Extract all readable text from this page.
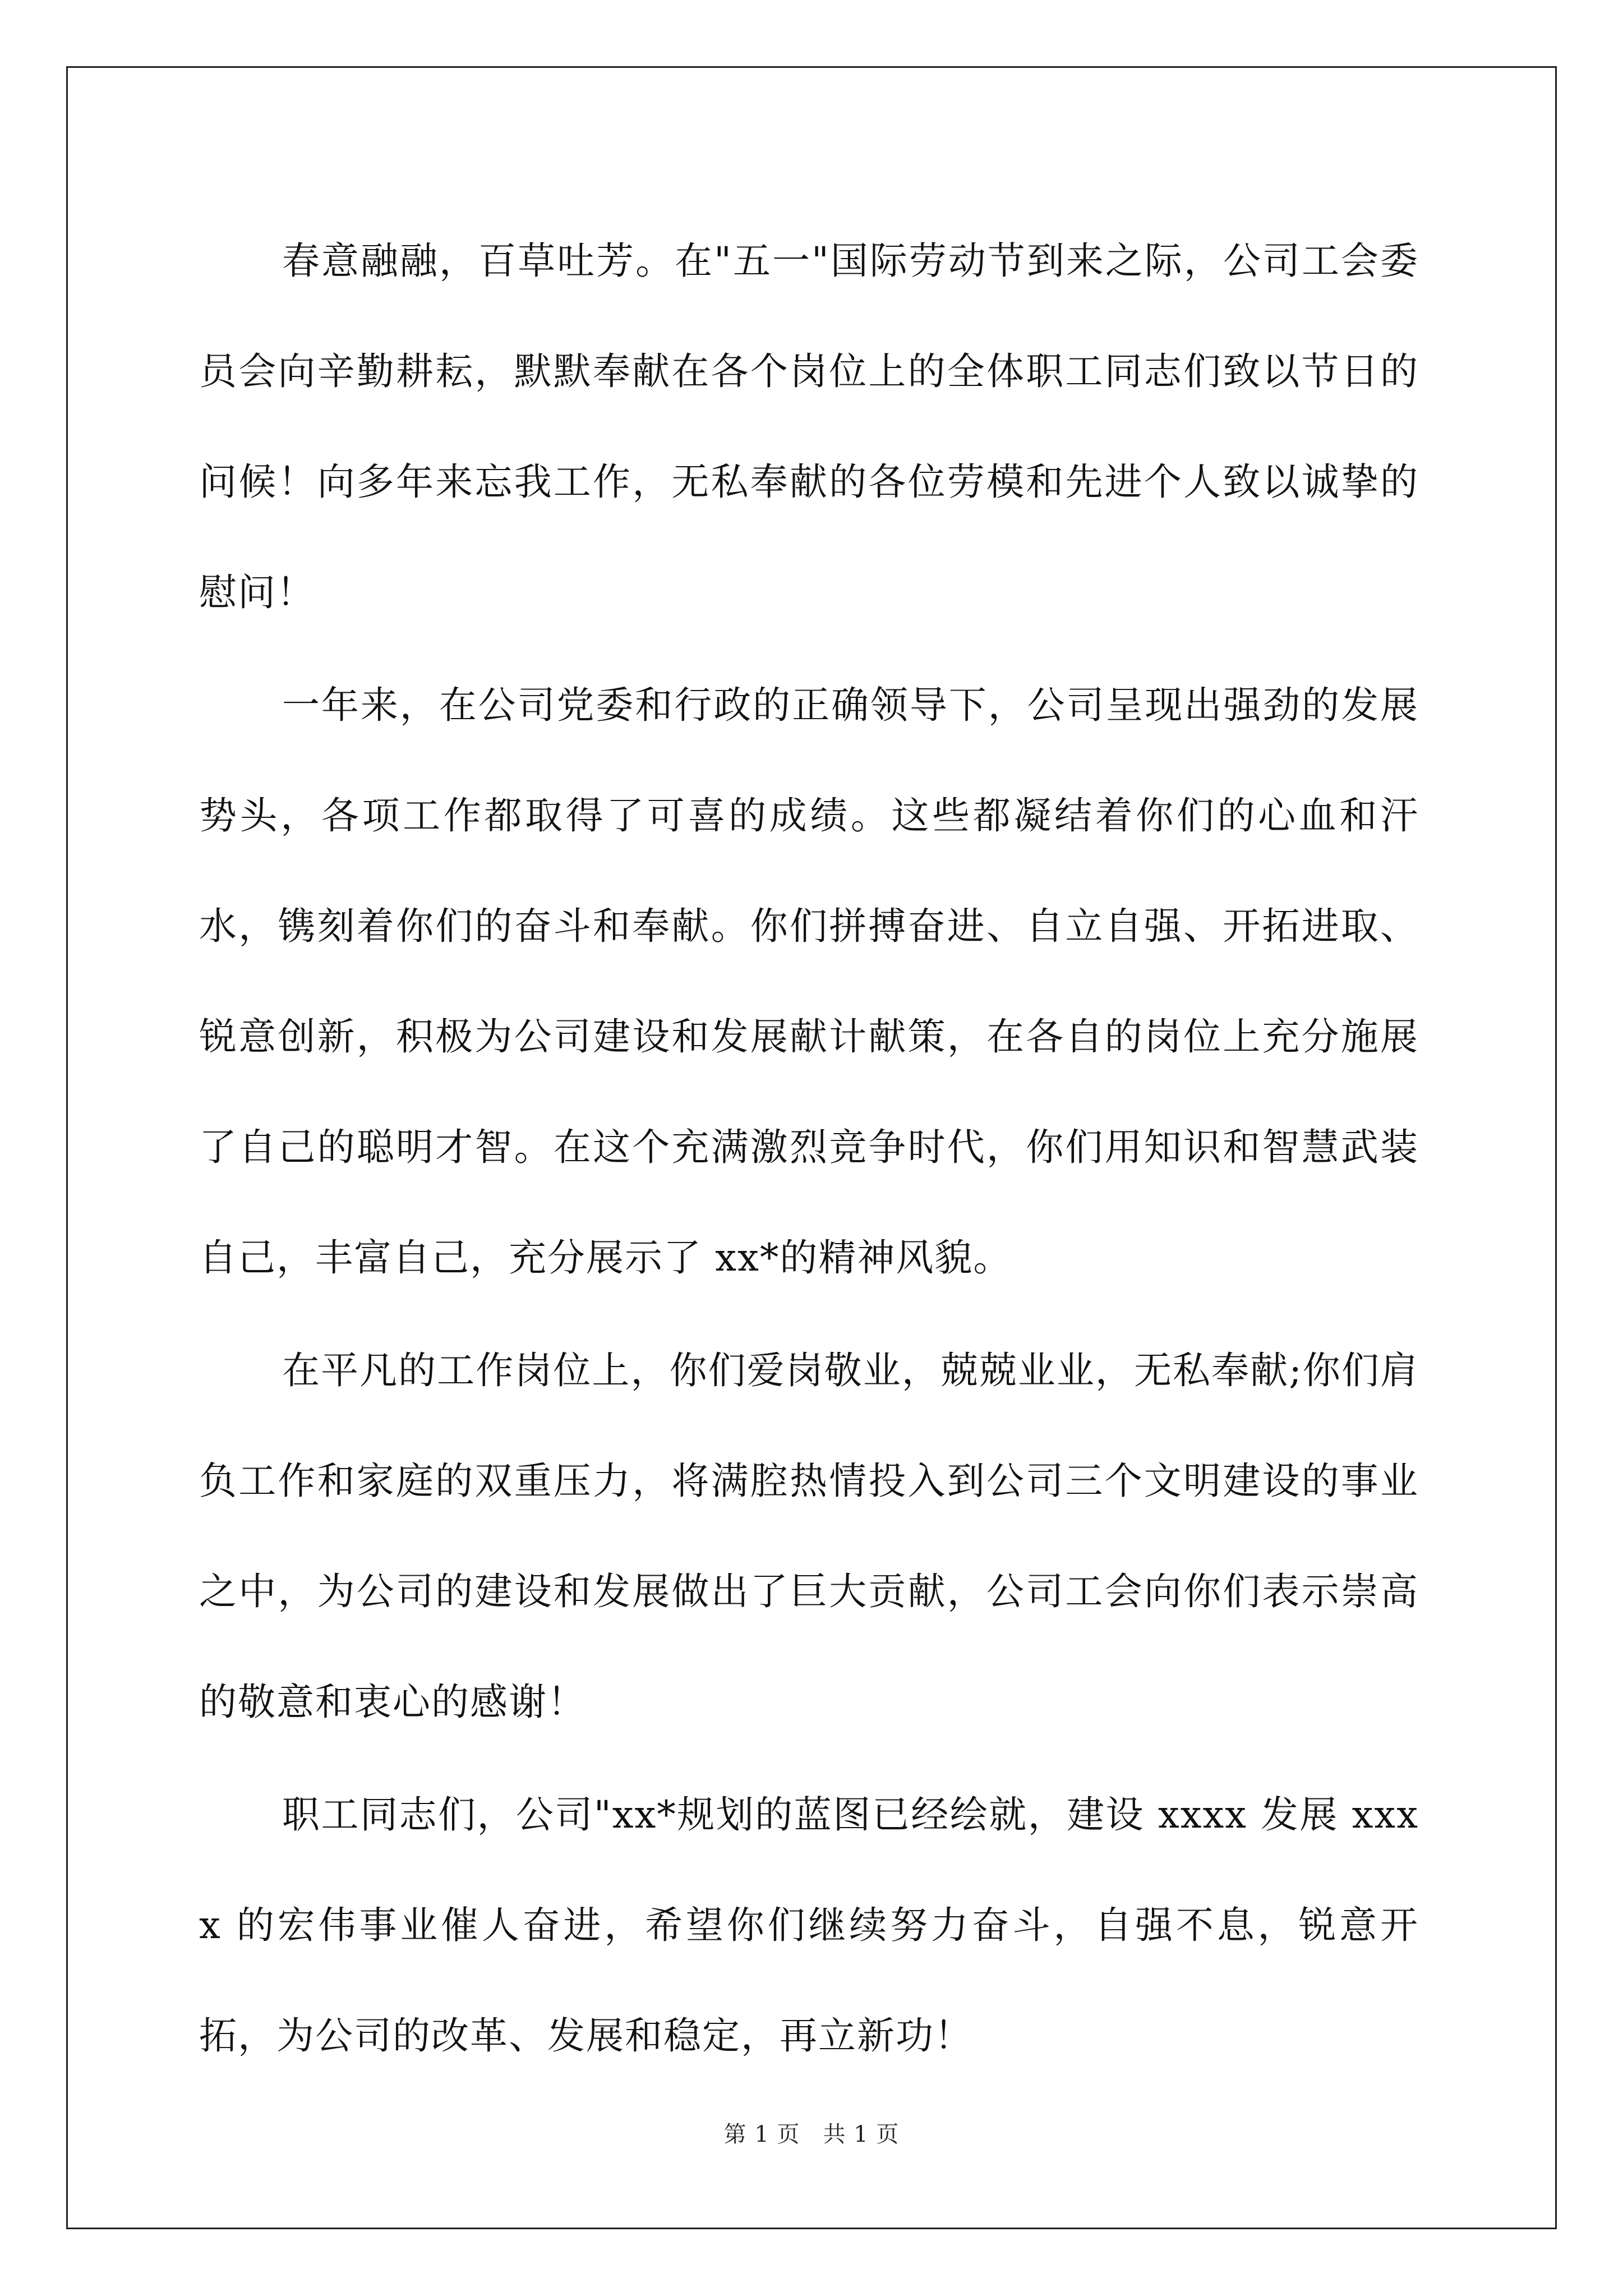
春意融融，百草吐芳。在"五一"国际劳动节到来之际，公司工会委员会向辛勤耕耘，默默奉献在各个岗位上的全体职工同志们致以节日的问候！向多年来忘我工作，无私奉献的各位劳模和先进个人致以诚挚的慰问！

一年来，在公司党委和行政的正确领导下，公司呈现出强劲的发展势头，各项工作都取得了可喜的成绩。这些都凝结着你们的心血和汗水，镌刻着你们的奋斗和奉献。你们拼搏奋进、自立自强、开拓进取、锐意创新，积极为公司建设和发展献计献策，在各自的岗位上充分施展了自己的聪明才智。在这个充满激烈竞争时代，你们用知识和智慧武装自己，丰富自己，充分展示了 xx*的精神风貌。

在平凡的工作岗位上，你们爱岗敬业，兢兢业业，无私奉献;你们肩负工作和家庭的双重压力，将满腔热情投入到公司三个文明建设的事业之中，为公司的建设和发展做出了巨大贡献，公司工会向你们表示崇高的敬意和衷心的感谢！

职工同志们，公司"xx*规划的蓝图已经绘就，建设 xxxx 发展 xxxx 的宏伟事业催人奋进，希望你们继续努力奋斗，自强不息，锐意开拓，为公司的改革、发展和稳定，再立新功！

第 1 页　共 1 页
